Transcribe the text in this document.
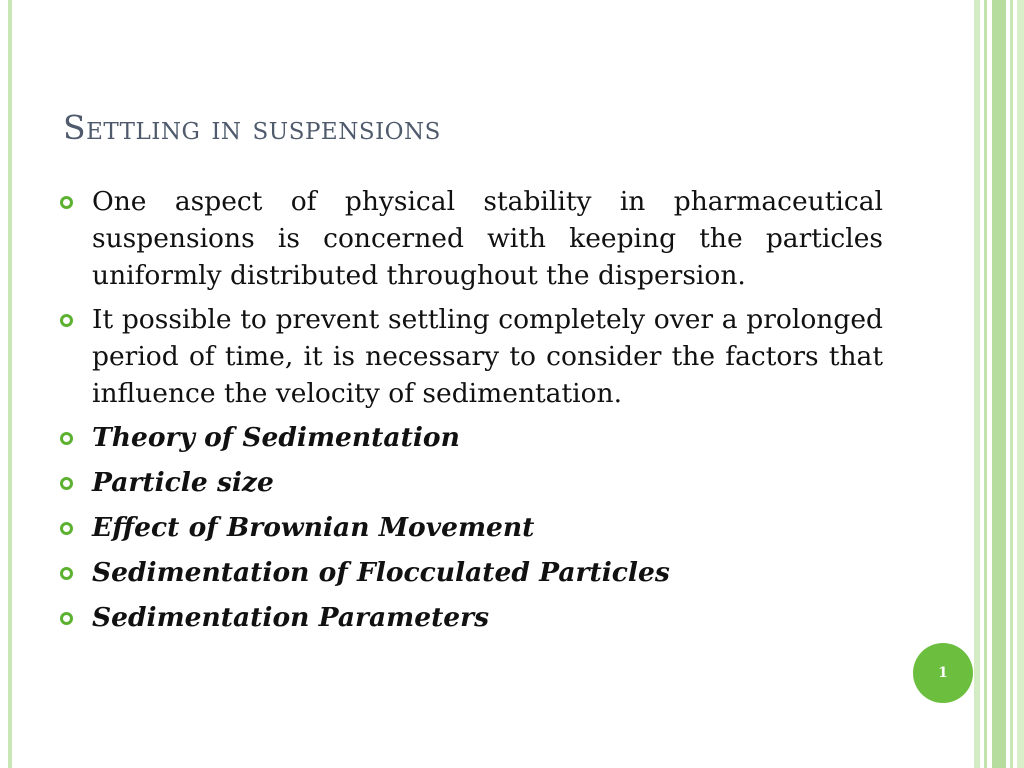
Settling in suspensions
One aspect of physical stability in pharmaceutical suspensions is concerned with keeping the particles uniformly distributed throughout the dispersion.
It possible to prevent settling completely over a prolonged period of time, it is necessary to consider the factors that influence the velocity of sedimentation.
Theory of Sedimentation
Particle size
Effect of Brownian Movement
Sedimentation of Flocculated Particles
Sedimentation Parameters
1
